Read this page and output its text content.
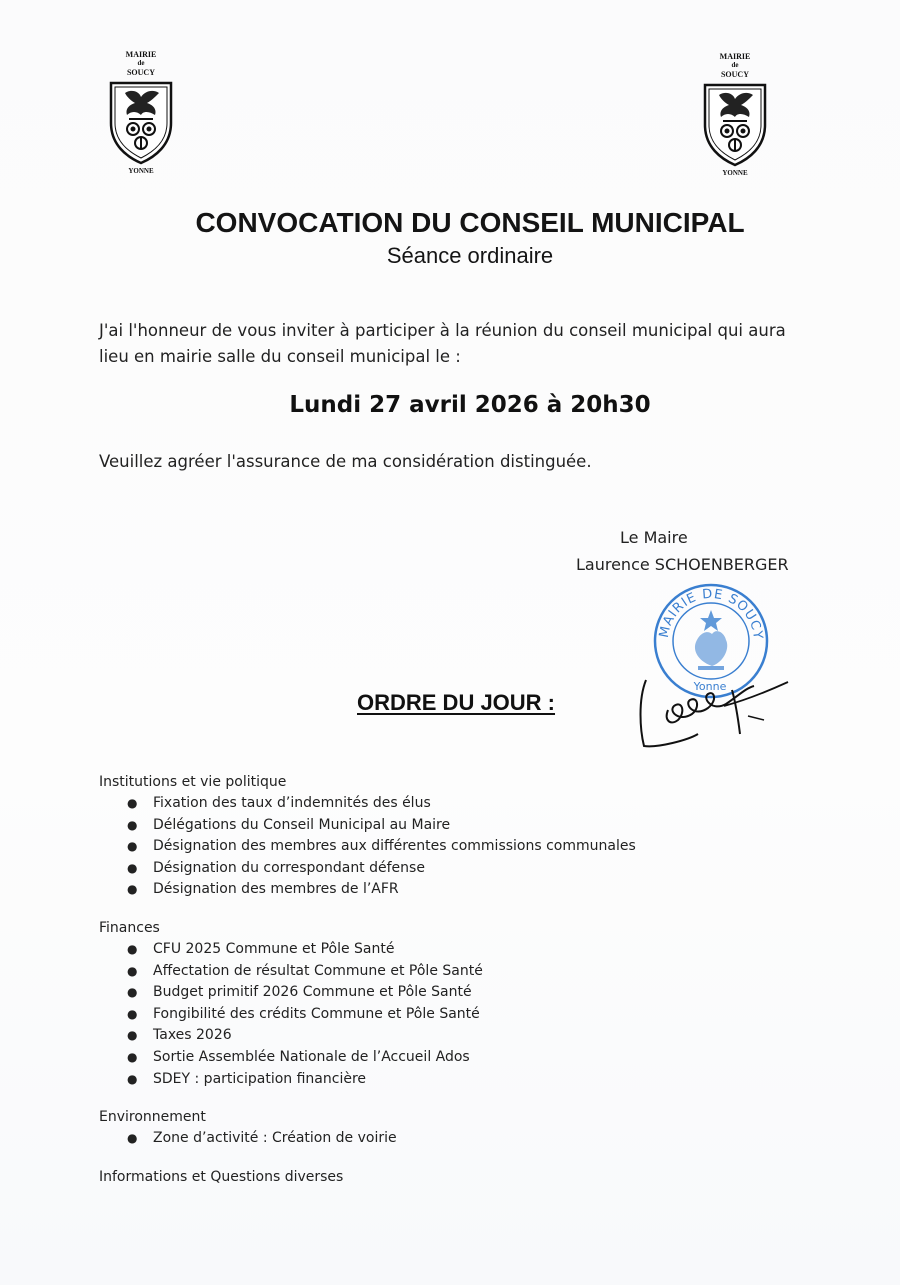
MAIRIE
de
SOUCY
YONNE
MAIRIE
de
SOUCY
YONNE
CONVOCATION DU CONSEIL MUNICIPAL
Séance ordinaire
J'ai l'honneur de vous inviter à participer à la réunion du conseil municipal qui aura
lieu en mairie salle du conseil municipal le :
Lundi 27 avril 2026 à 20h30
Veuillez agréer l'assurance de ma considération distinguée.
Le Maire
Laurence SCHOENBERGER
MAIRIE DE SOUCY
Yonne
ORDRE DU JOUR :
Institutions et vie politique
● Fixation des taux d’indemnités des élus
● Délégations du Conseil Municipal au Maire
● Désignation des membres aux différentes commissions communales
● Désignation du correspondant défense
● Désignation des membres de l’AFR
Finances
● CFU 2025 Commune et Pôle Santé
● Affectation de résultat Commune et Pôle Santé
● Budget primitif 2026 Commune et Pôle Santé
● Fongibilité des crédits Commune et Pôle Santé
● Taxes 2026
● Sortie Assemblée Nationale de l’Accueil Ados
● SDEY : participation financière
Environnement
● Zone d’activité : Création de voirie
Informations et Questions diverses
